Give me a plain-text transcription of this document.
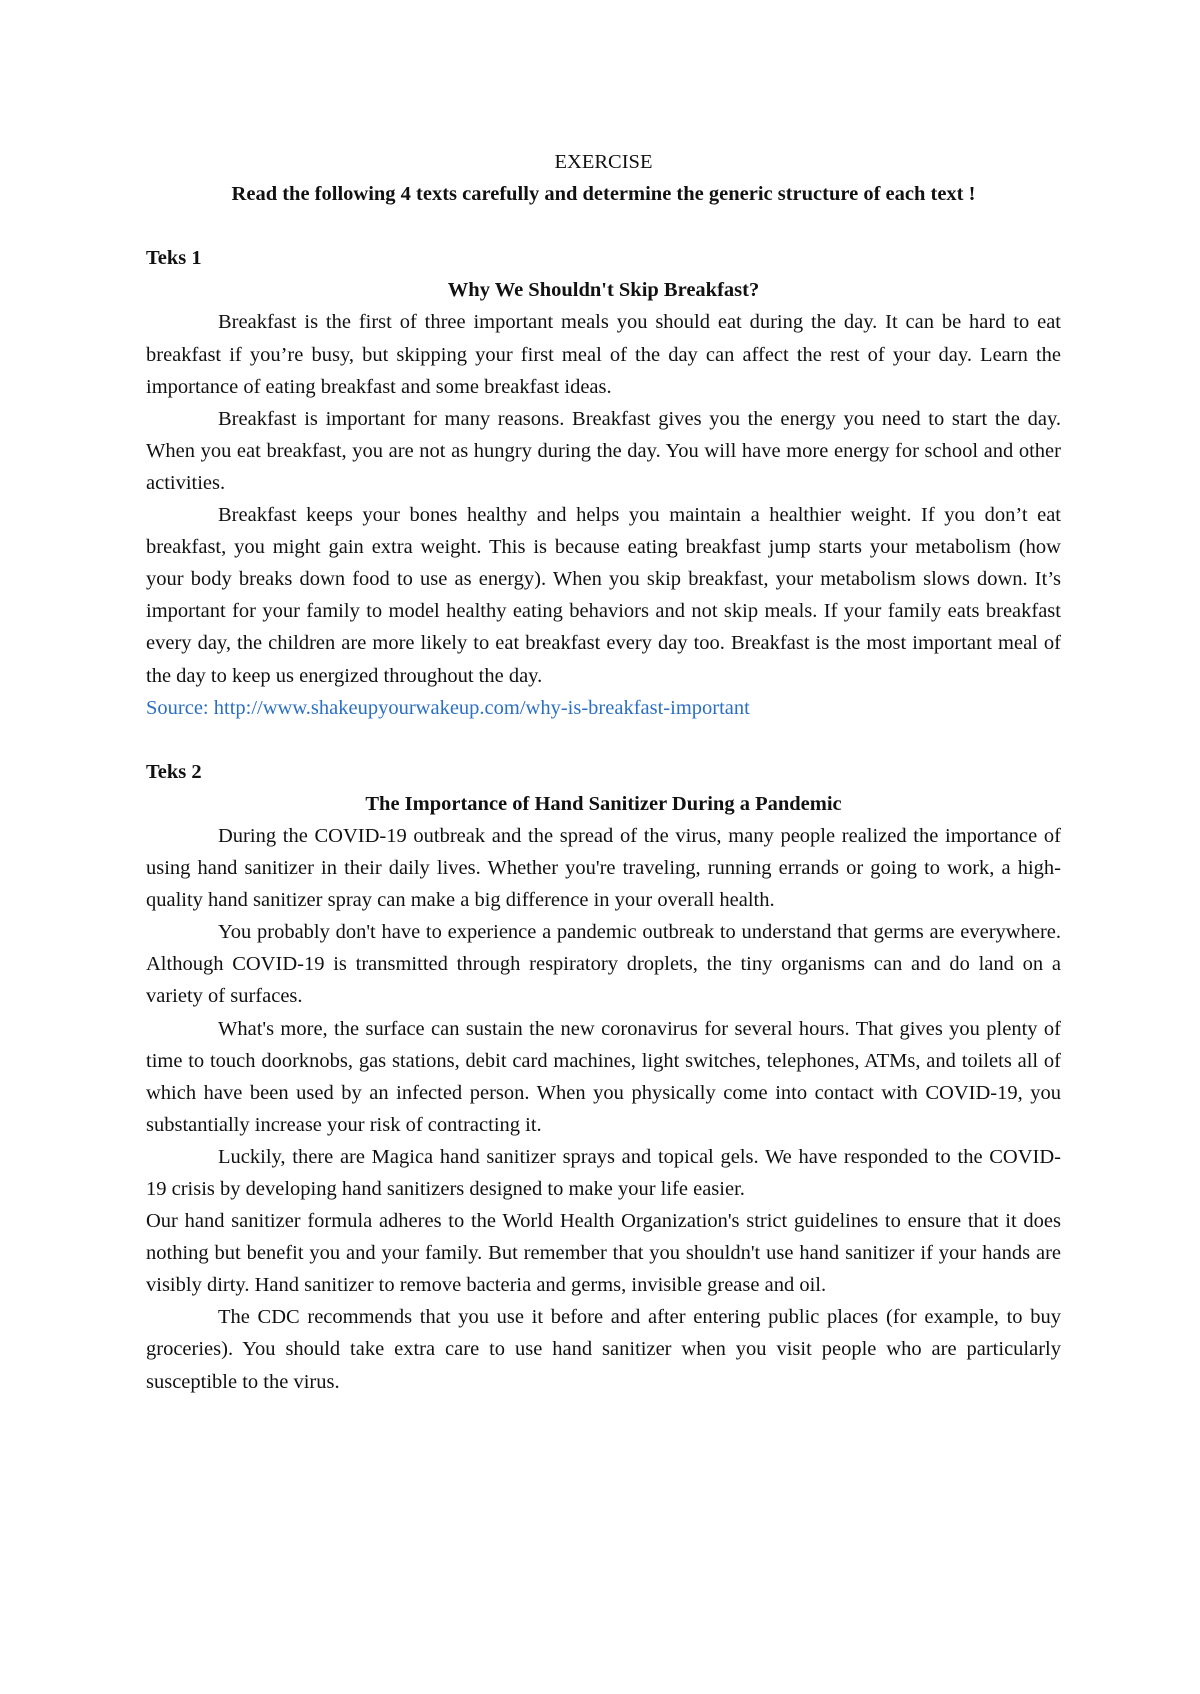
EXERCISE

Read the following 4 texts carefully and determine the generic structure of each text !

Teks 1

Why We Shouldn't Skip Breakfast?

Breakfast is the first of three important meals you should eat during the day. It can be hard to eat breakfast if you’re busy, but skipping your first meal of the day can affect the rest of your day. Learn the importance of eating breakfast and some breakfast ideas.

Breakfast is important for many reasons. Breakfast gives you the energy you need to start the day. When you eat breakfast, you are not as hungry during the day. You will have more energy for school and other activities.

Breakfast keeps your bones healthy and helps you maintain a healthier weight. If you don’t eat breakfast, you might gain extra weight. This is because eating breakfast jump starts your metabolism (how your body breaks down food to use as energy). When you skip breakfast, your metabolism slows down. It’s important for your family to model healthy eating behaviors and not skip meals. If your family eats breakfast every day, the children are more likely to eat breakfast every day too. Breakfast is the most important meal of the day to keep us energized throughout the day.

Source: http://www.shakeupyourwakeup.com/why-is-breakfast-important

Teks 2

The Importance of Hand Sanitizer During a Pandemic

During the COVID-19 outbreak and the spread of the virus, many people realized the importance of using hand sanitizer in their daily lives. Whether you're traveling, running errands or going to work, a high- quality hand sanitizer spray can make a big difference in your overall health.

You probably don't have to experience a pandemic outbreak to understand that germs are everywhere. Although COVID-19 is transmitted through respiratory droplets, the tiny organisms can and do land on a variety of surfaces.

What's more, the surface can sustain the new coronavirus for several hours. That gives you plenty of time to touch doorknobs, gas stations, debit card machines, light switches, telephones, ATMs, and toilets all of which have been used by an infected person. When you physically come into contact with COVID-19, you substantially increase your risk of contracting it.

Luckily, there are Magica hand sanitizer sprays and topical gels. We have responded to the COVID- 19 crisis by developing hand sanitizers designed to make your life easier.

Our hand sanitizer formula adheres to the World Health Organization's strict guidelines to ensure that it does nothing but benefit you and your family. But remember that you shouldn't use hand sanitizer if your hands are visibly dirty. Hand sanitizer to remove bacteria and germs, invisible grease and oil.

The CDC recommends that you use it before and after entering public places (for example, to buy groceries). You should take extra care to use hand sanitizer when you visit people who are particularly susceptible to the virus.
